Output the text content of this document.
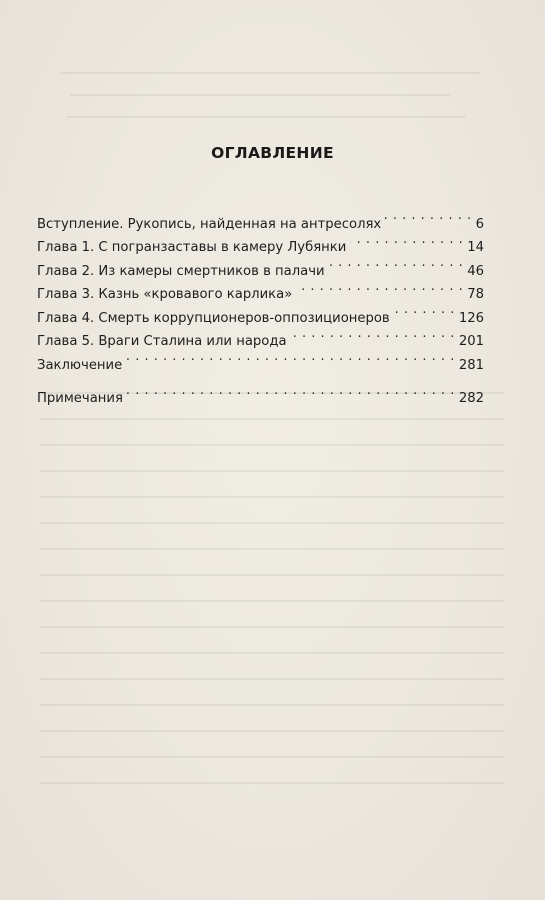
ОГЛАВЛЕНИЕ
Вступление. Рукопись, найденная на антресолях . . .	6
Глава 1. С погранзаставы в камеру Лубянки . . .	14
Глава 2. Из камеры смертников в палачи . . .	46
Глава 3. Казнь «кровавого карлика» . . .	78
Глава 4. Смерть коррупционеров-оппозиционеров . . .	126
Глава 5. Враги Сталина или народа . . .	201
Заключение . . .	281
Примечания . . .	282
